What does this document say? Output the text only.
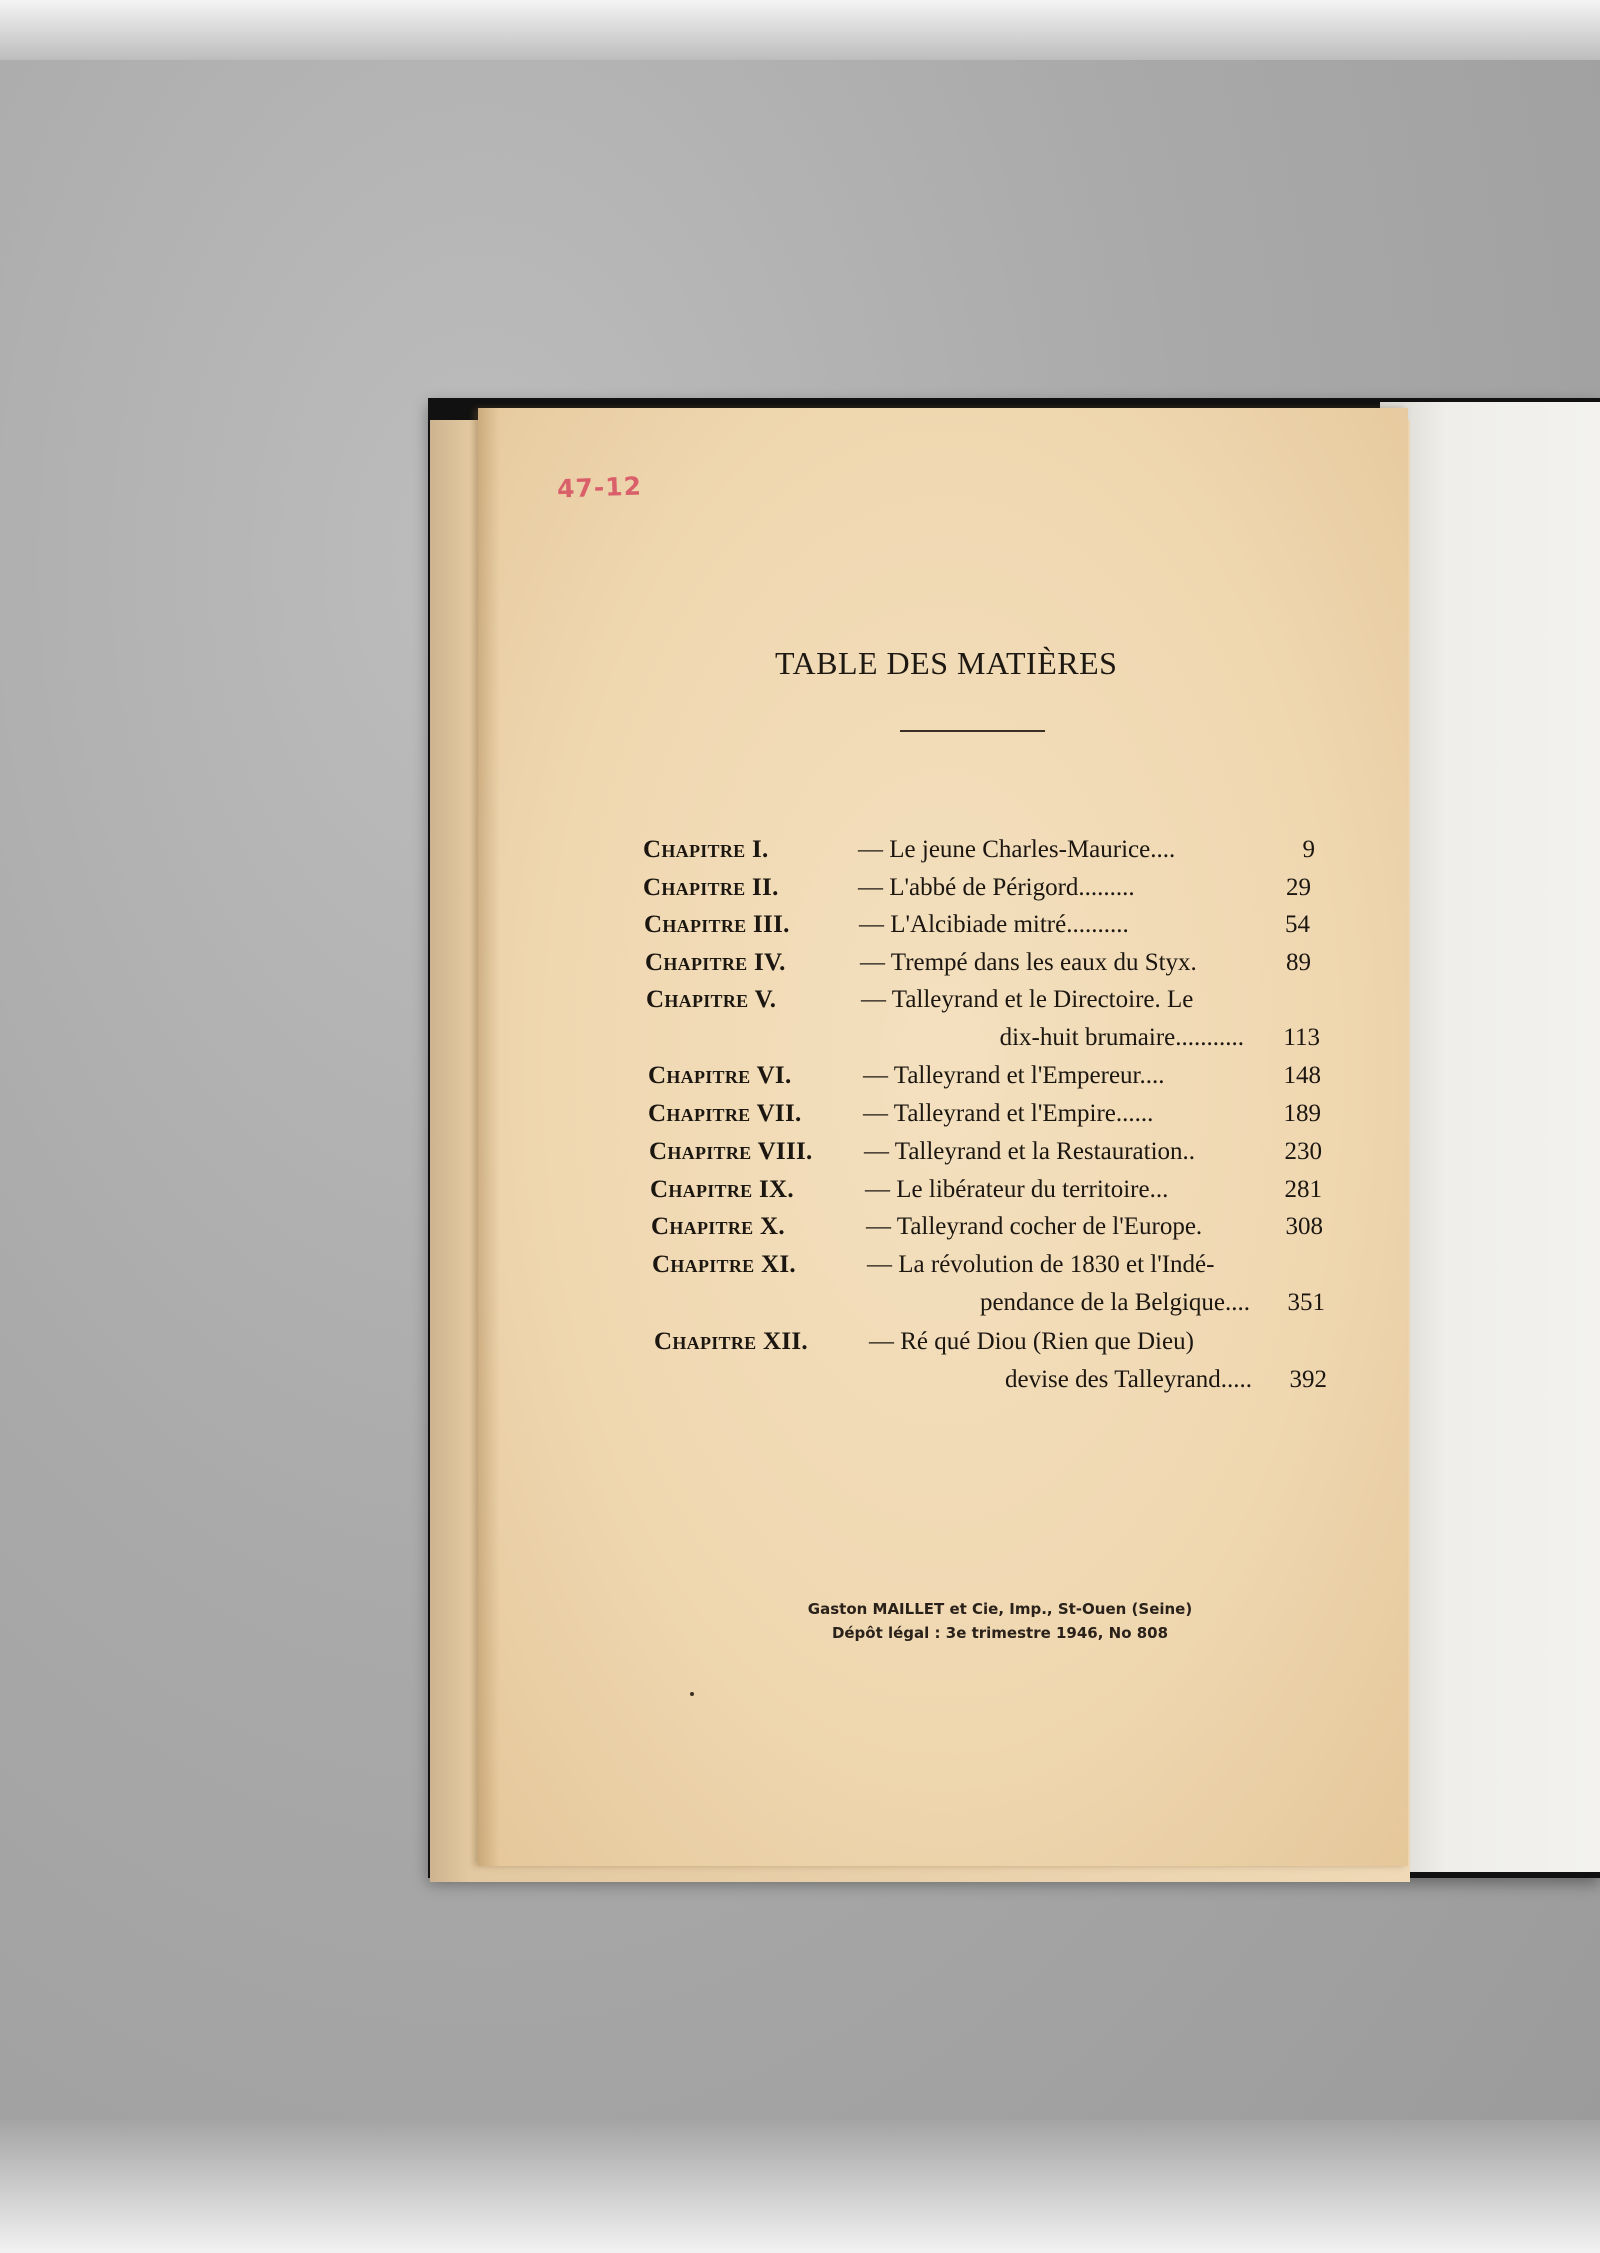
47-12
TABLE DES MATIÈRES
Chapitre I.	— Le jeune Charles-Maurice....	9
Chapitre II.	— L'abbé de Périgord.........	29
Chapitre III.	— L'Alcibiade mitré..........	54
Chapitre IV.	— Trempé dans les eaux du Styx.	89
Chapitre V.	— Talleyrand et le Directoire. Le
dix-huit brumaire...........	113
Chapitre VI.	— Talleyrand et l'Empereur....	148
Chapitre VII.	— Talleyrand et l'Empire......	189
Chapitre VIII.	— Talleyrand et la Restauration..	230
Chapitre IX.	— Le libérateur du territoire...	281
Chapitre X.	— Talleyrand cocher de l'Europe.	308
Chapitre XI.	— La révolution de 1830 et l'Indé-
pendance de la Belgique....	351
Chapitre XII.	— Ré qué Diou (Rien que Dieu)
devise des Talleyrand.....	392
Gaston MAILLET et Cie, Imp., St-Ouen (Seine)
Dépôt légal : 3e trimestre 1946, No 808
